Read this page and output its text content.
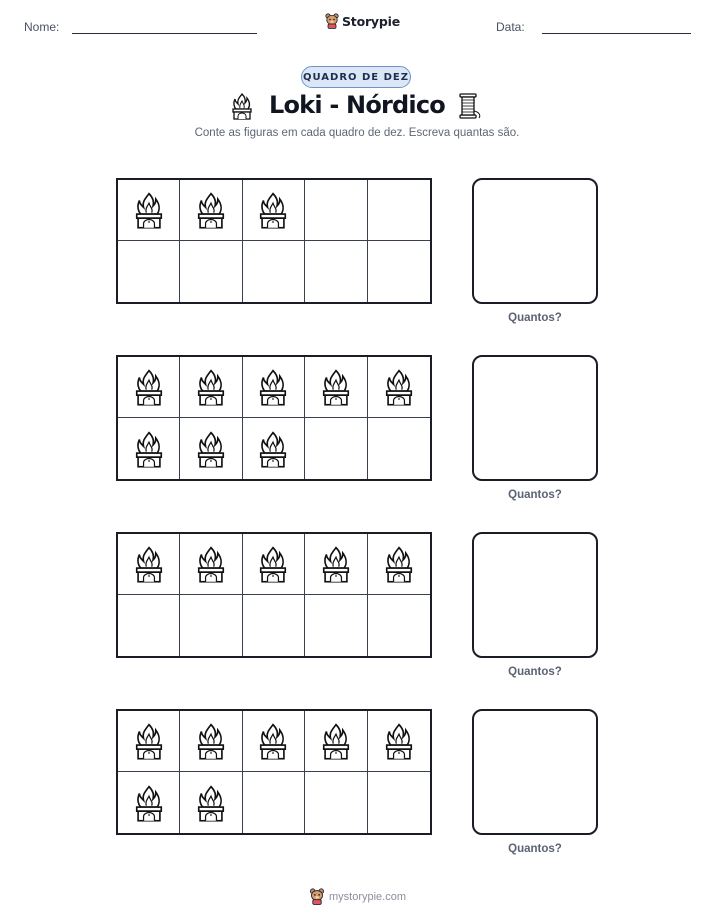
Nome:	Storypie	Data:
QUADRO DE DEZ
Loki - Nórdico
Conte as figuras em cada quadro de dez. Escreva quantas são.
Quantos?
Quantos?
Quantos?
Quantos?
mystorypie.com
